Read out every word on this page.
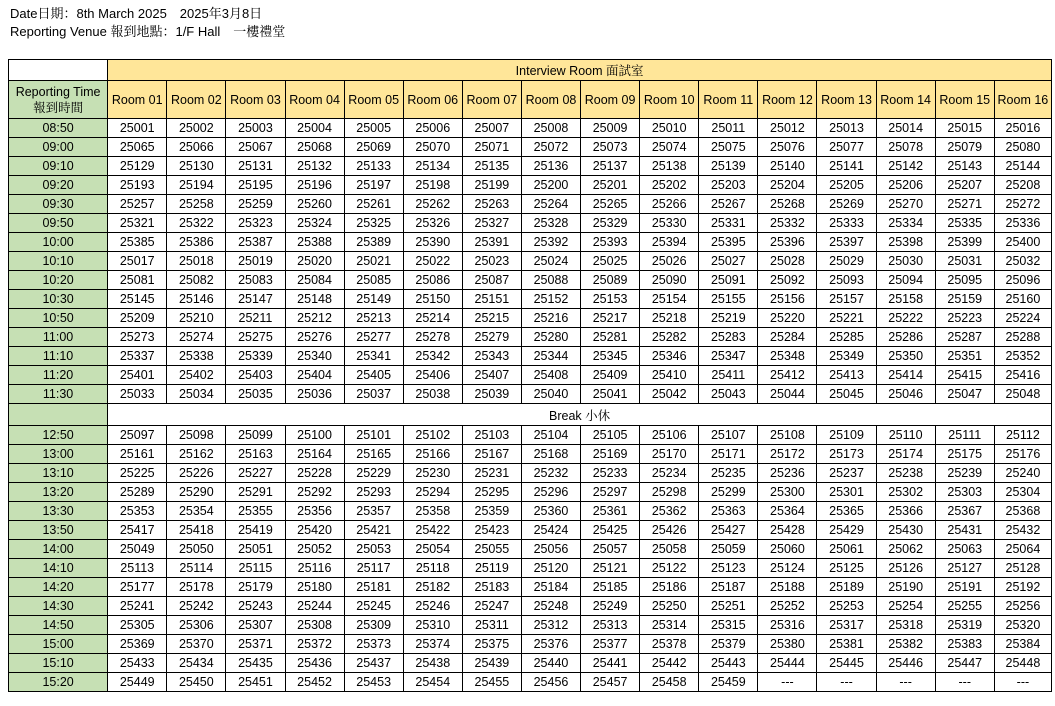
Date日期：8th March 2025　2025年3月8日
Reporting Venue 報到地點：1/F Hall　一樓禮堂
	Interview Room 面試室															
Reporting Time
報到時間	Room 01	Room 02	Room 03	Room 04	Room 05	Room 06	Room 07	Room 08	Room 09	Room 10	Room 11	Room 12	Room 13	Room 14	Room 15	Room 16
08:50	25001	25002	25003	25004	25005	25006	25007	25008	25009	25010	25011	25012	25013	25014	25015	25016
09:00	25065	25066	25067	25068	25069	25070	25071	25072	25073	25074	25075	25076	25077	25078	25079	25080
09:10	25129	25130	25131	25132	25133	25134	25135	25136	25137	25138	25139	25140	25141	25142	25143	25144
09:20	25193	25194	25195	25196	25197	25198	25199	25200	25201	25202	25203	25204	25205	25206	25207	25208
09:30	25257	25258	25259	25260	25261	25262	25263	25264	25265	25266	25267	25268	25269	25270	25271	25272
09:50	25321	25322	25323	25324	25325	25326	25327	25328	25329	25330	25331	25332	25333	25334	25335	25336
10:00	25385	25386	25387	25388	25389	25390	25391	25392	25393	25394	25395	25396	25397	25398	25399	25400
10:10	25017	25018	25019	25020	25021	25022	25023	25024	25025	25026	25027	25028	25029	25030	25031	25032
10:20	25081	25082	25083	25084	25085	25086	25087	25088	25089	25090	25091	25092	25093	25094	25095	25096
10:30	25145	25146	25147	25148	25149	25150	25151	25152	25153	25154	25155	25156	25157	25158	25159	25160
10:50	25209	25210	25211	25212	25213	25214	25215	25216	25217	25218	25219	25220	25221	25222	25223	25224
11:00	25273	25274	25275	25276	25277	25278	25279	25280	25281	25282	25283	25284	25285	25286	25287	25288
11:10	25337	25338	25339	25340	25341	25342	25343	25344	25345	25346	25347	25348	25349	25350	25351	25352
11:20	25401	25402	25403	25404	25405	25406	25407	25408	25409	25410	25411	25412	25413	25414	25415	25416
11:30	25033	25034	25035	25036	25037	25038	25039	25040	25041	25042	25043	25044	25045	25046	25047	25048
	Break 小休															
12:50	25097	25098	25099	25100	25101	25102	25103	25104	25105	25106	25107	25108	25109	25110	25111	25112
13:00	25161	25162	25163	25164	25165	25166	25167	25168	25169	25170	25171	25172	25173	25174	25175	25176
13:10	25225	25226	25227	25228	25229	25230	25231	25232	25233	25234	25235	25236	25237	25238	25239	25240
13:20	25289	25290	25291	25292	25293	25294	25295	25296	25297	25298	25299	25300	25301	25302	25303	25304
13:30	25353	25354	25355	25356	25357	25358	25359	25360	25361	25362	25363	25364	25365	25366	25367	25368
13:50	25417	25418	25419	25420	25421	25422	25423	25424	25425	25426	25427	25428	25429	25430	25431	25432
14:00	25049	25050	25051	25052	25053	25054	25055	25056	25057	25058	25059	25060	25061	25062	25063	25064
14:10	25113	25114	25115	25116	25117	25118	25119	25120	25121	25122	25123	25124	25125	25126	25127	25128
14:20	25177	25178	25179	25180	25181	25182	25183	25184	25185	25186	25187	25188	25189	25190	25191	25192
14:30	25241	25242	25243	25244	25245	25246	25247	25248	25249	25250	25251	25252	25253	25254	25255	25256
14:50	25305	25306	25307	25308	25309	25310	25311	25312	25313	25314	25315	25316	25317	25318	25319	25320
15:00	25369	25370	25371	25372	25373	25374	25375	25376	25377	25378	25379	25380	25381	25382	25383	25384
15:10	25433	25434	25435	25436	25437	25438	25439	25440	25441	25442	25443	25444	25445	25446	25447	25448
15:20	25449	25450	25451	25452	25453	25454	25455	25456	25457	25458	25459	---	---	---	---	---
